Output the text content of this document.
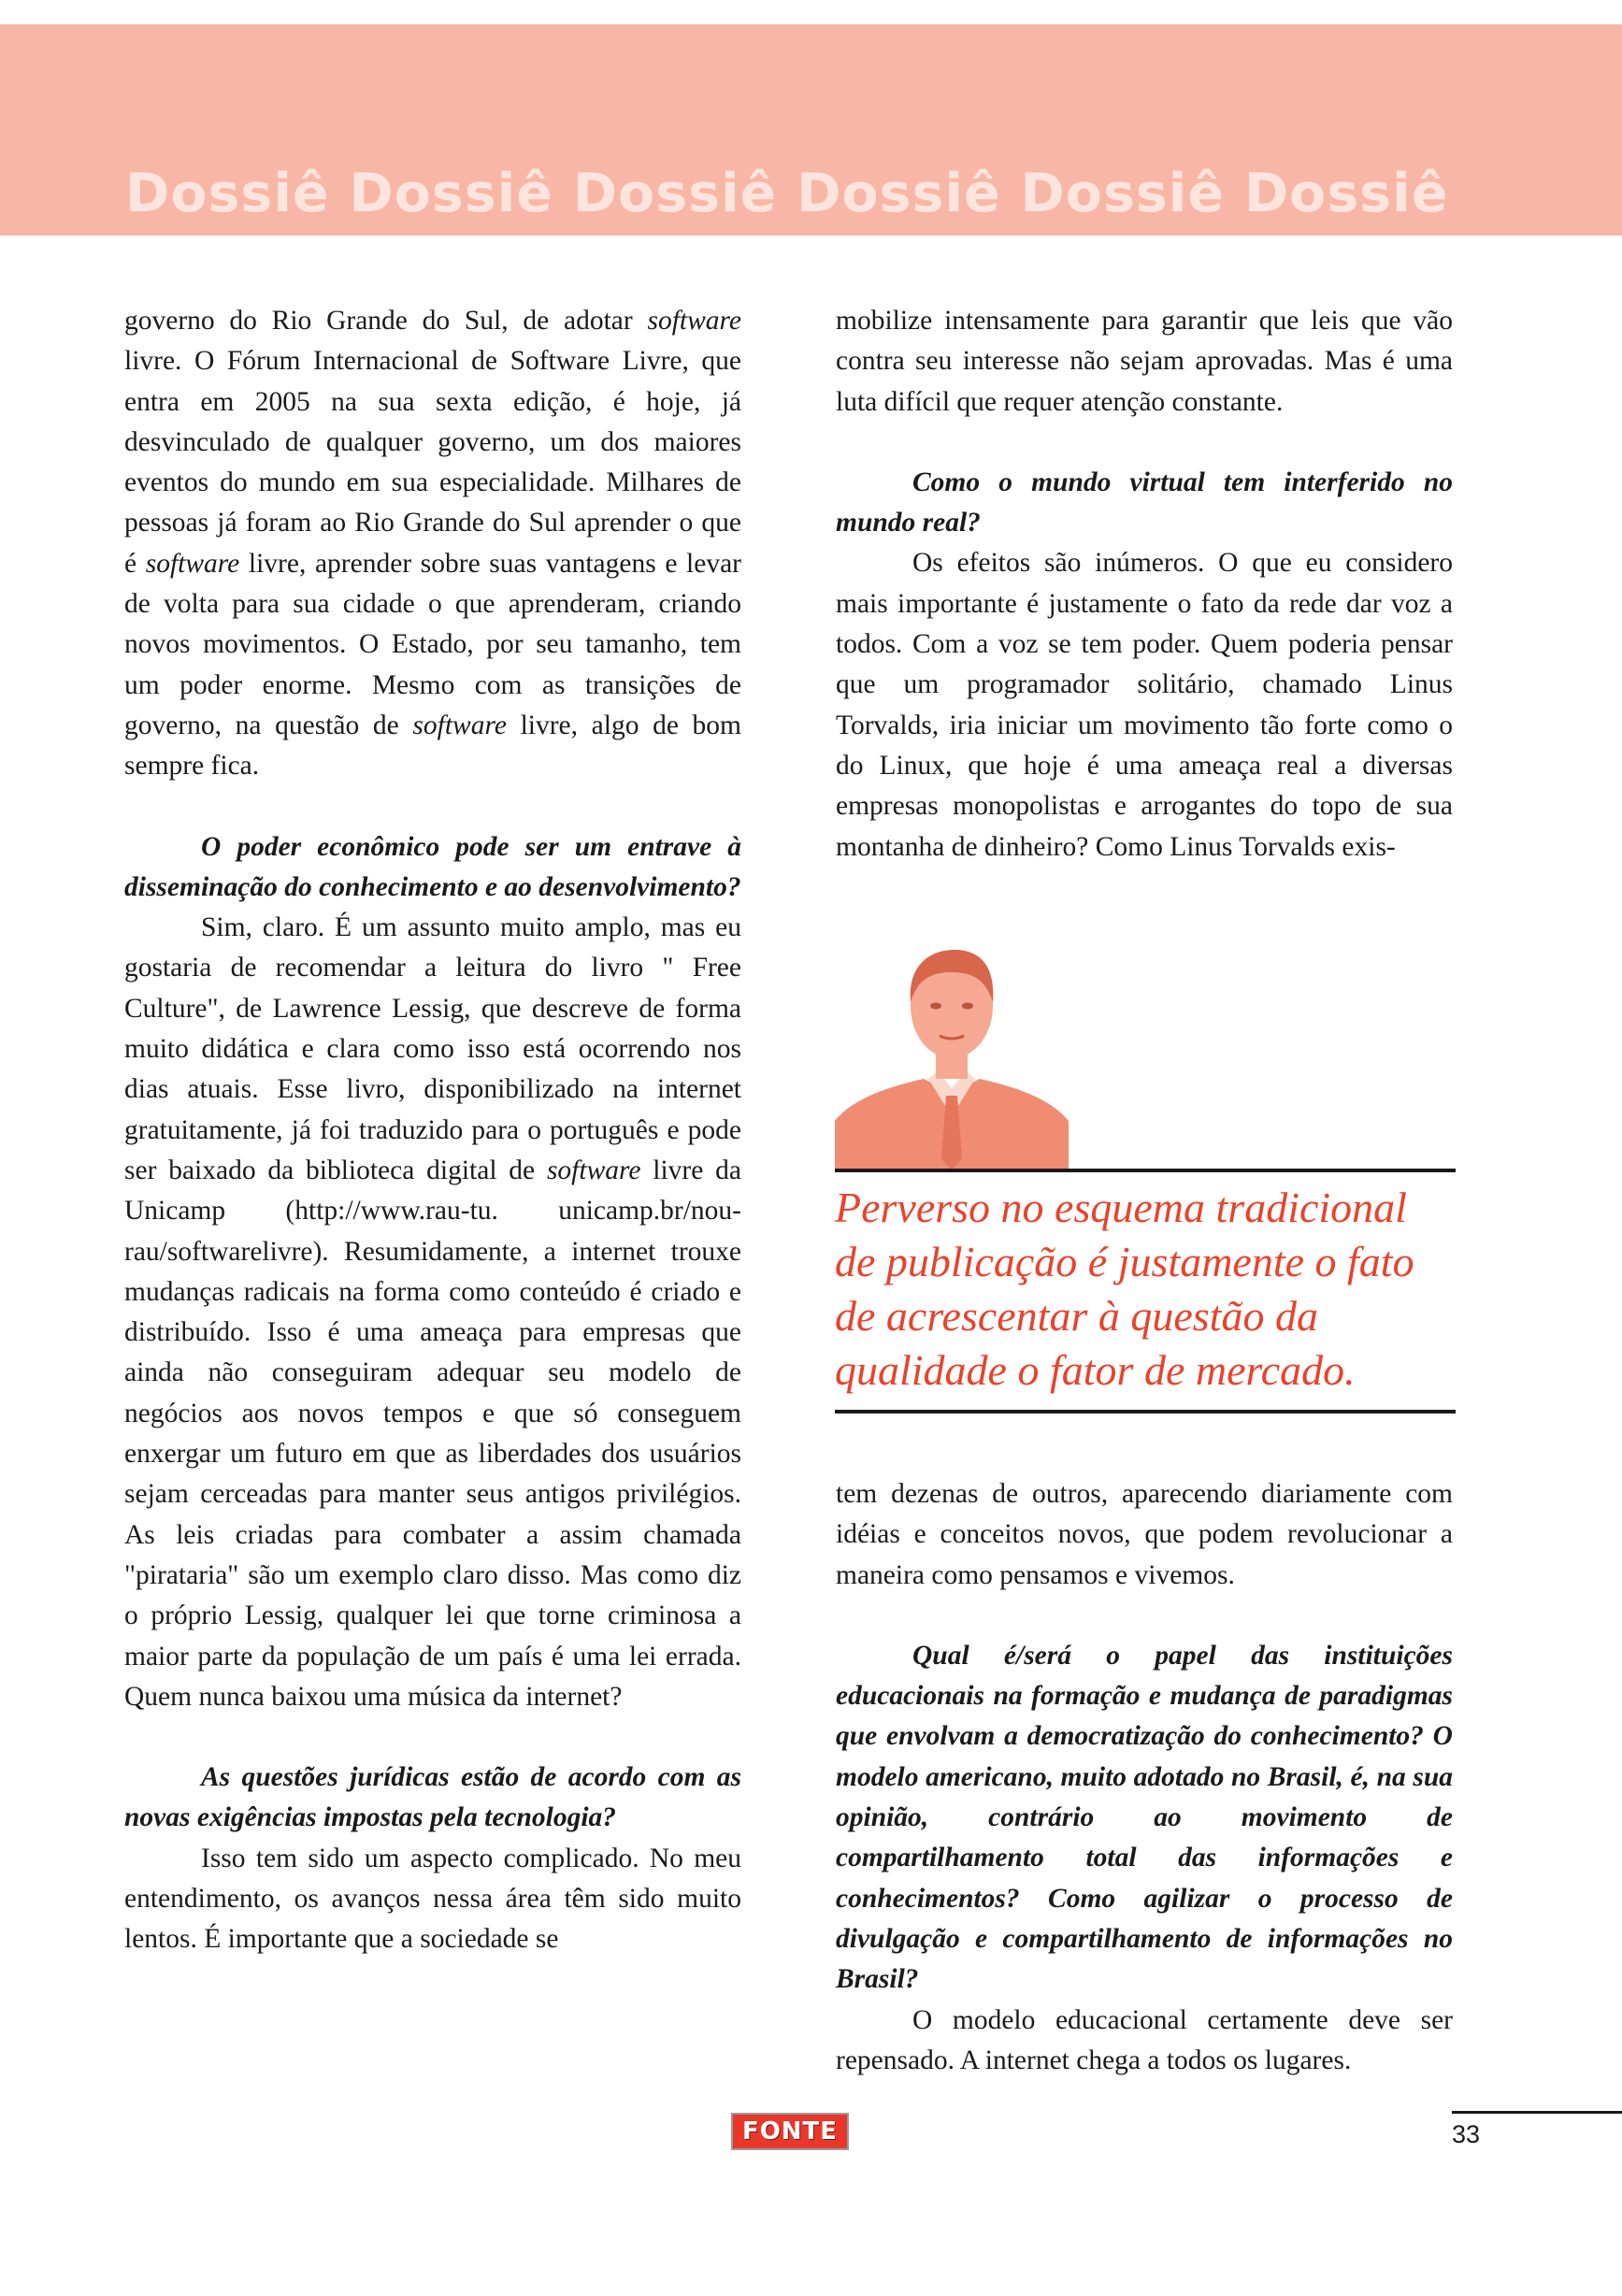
Dossiê Dossiê Dossiê Dossiê Dossiê Dossiê

governo do Rio Grande do Sul, de adotar software livre. O Fórum Internacional de Software Livre, que entra em 2005 na sua sexta edição, é hoje, já desvinculado de qualquer governo, um dos maiores eventos do mundo em sua especialidade. Milhares de pessoas já foram ao Rio Grande do Sul aprender o que é software livre, aprender sobre suas vantagens e levar de volta para sua cidade o que aprenderam, criando novos movimentos. O Estado, por seu tamanho, tem um poder enorme. Mesmo com as transições de governo, na questão de software livre, algo de bom sempre fica.

O poder econômico pode ser um entrave à disseminação do conhecimento e ao desenvolvimento?

Sim, claro. É um assunto muito amplo, mas eu gostaria de recomendar a leitura do livro " Free Culture", de Lawrence Lessig, que descreve de forma muito didática e clara como isso está ocorrendo nos dias atuais. Esse livro, disponibilizado na internet gratuitamente, já foi traduzido para o português e pode ser baixado da biblioteca digital de software livre da Unicamp (http://www.rau-tu. unicamp.br/nou-rau/softwarelivre). Resumidamente, a internet trouxe mudanças radicais na forma como conteúdo é criado e distribuído. Isso é uma ameaça para empresas que ainda não conseguiram adequar seu modelo de negócios aos novos tempos e que só conseguem enxergar um futuro em que as liberdades dos usuários sejam cerceadas para manter seus antigos privilégios. As leis criadas para combater a assim chamada "pirataria" são um exemplo claro disso. Mas como diz o próprio Lessig, qualquer lei que torne criminosa a maior parte da população de um país é uma lei errada. Quem nunca baixou uma música da internet?

As questões jurídicas estão de acordo com as novas exigências impostas pela tecnologia?

Isso tem sido um aspecto complicado. No meu entendimento, os avanços nessa área têm sido muito lentos. É importante que a sociedade se

mobilize intensamente para garantir que leis que vão contra seu interesse não sejam aprovadas. Mas é uma luta difícil que requer atenção constante.

Como o mundo virtual tem interferido no mundo real?

Os efeitos são inúmeros. O que eu considero mais importante é justamente o fato da rede dar voz a todos. Com a voz se tem poder. Quem poderia pensar que um programador solitário, chamado Linus Torvalds, iria iniciar um movimento tão forte como o do Linux, que hoje é uma ameaça real a diversas empresas monopolistas e arrogantes do topo de sua montanha de dinheiro? Como Linus Torvalds exis-

Perverso no esquema tradicional de publicação é justamente o fato de acrescentar à questão da qualidade o fator de mercado.

tem dezenas de outros, aparecendo diariamente com idéias e conceitos novos, que podem revolucionar a maneira como pensamos e vivemos.

Qual é/será o papel das instituições educacionais na formação e mudança de paradigmas que envolvam a democratização do conhecimento? O modelo americano, muito adotado no Brasil, é, na sua opinião, contrário ao movimento de compartilhamento total das informações e conhecimentos? Como agilizar o processo de divulgação e compartilhamento de informações no Brasil?

O modelo educacional certamente deve ser repensado. A internet chega a todos os lugares.

FONTE	33
